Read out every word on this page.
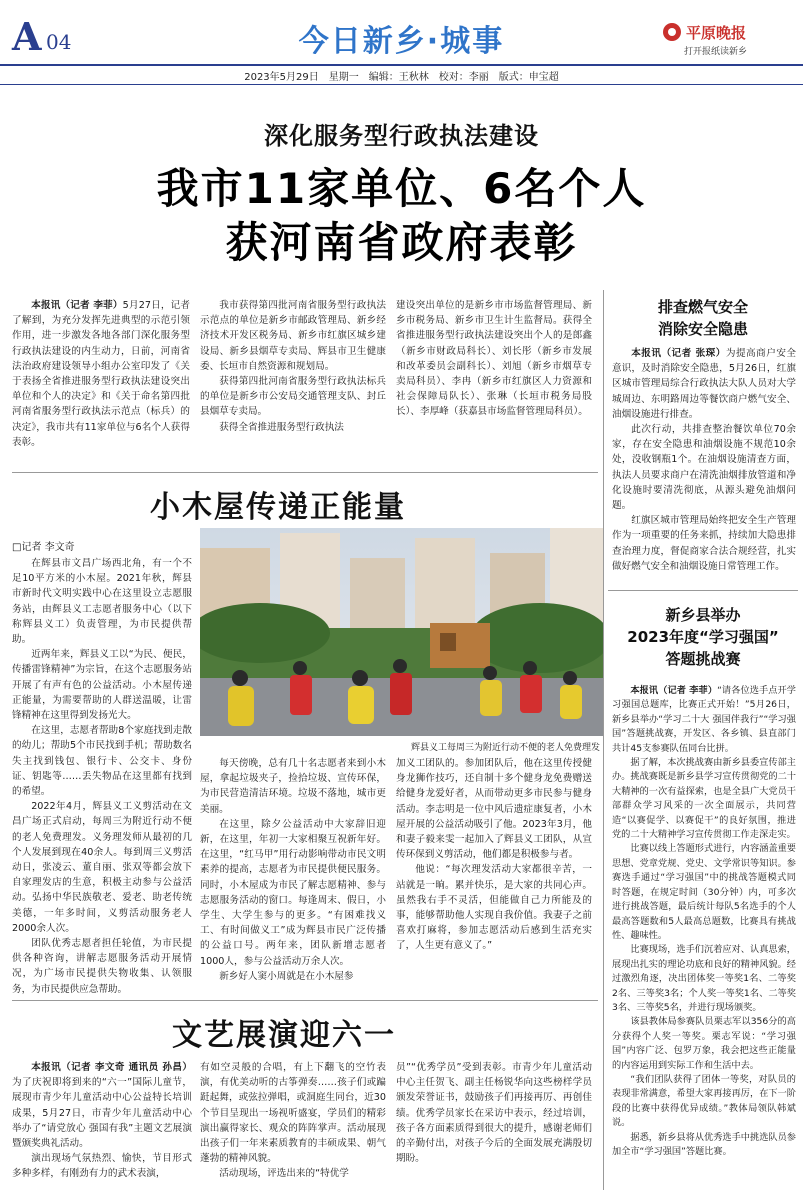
A 04	今日新乡·城事	平原晚报
打开报纸读新乡
2023年5月29日　星期一　编辑：王秋林　校对：李丽　版式：申宝超
深化服务型行政执法建设
我市11家单位、6名个人
获河南省政府表彰

本报讯（记者 李菲）5月27日，记者了解到，为充分发挥先进典型的示范引领作用，进一步激发各地各部门深化服务型行政执法建设的内生动力，日前，河南省法治政府建设领导小组办公室印发了《关于表扬全省推进服务型行政执法建设突出单位和个人的决定》和《关于命名第四批河南省服务型行政执法示范点（标兵）的决定》，我市共有11家单位与6名个人获得表彰。

我市获得第四批河南省服务型行政执法示范点的单位是新乡市邮政管理局、新乡经济技术开发区税务局、新乡市红旗区城乡建设局、新乡县烟草专卖局、辉县市卫生健康委、长垣市自然资源和规划局。

获得第四批河南省服务型行政执法标兵的单位是新乡市公安局交通管理支队、封丘县烟草专卖局。

获得全省推进服务型行政执法

建设突出单位的是新乡市市场监督管理局、新乡市税务局、新乡市卫生计生监督局。获得全省推进服务型行政执法建设突出个人的是郎鑫（新乡市财政局科长）、刘长彤（新乡市发展和改革委员会副科长）、刘旭（新乡市烟草专卖局科员）、李冉（新乡市红旗区人力资源和社会保障局队长）、张琳（长垣市税务局股长）、李厚峰（获嘉县市场监督管理局科员）。

排查燃气安全
消除安全隐患

本报讯（记者 张琛）为提高商户安全意识，及时消除安全隐患，5月26日，红旗区城市管理局综合行政执法大队人员对大学城周边、东明路周边等餐饮商户燃气安全、油烟设施进行排查。

此次行动，共排查整治餐饮单位70余家，存在安全隐患和油烟设施不规范10余处，没收钢瓶1个。在油烟设施清查方面，执法人员要求商户在清洗油烟排放管道和净化设施时要清洗彻底，从源头避免油烟问题。

红旗区城市管理局始终把安全生产管理作为一项重要的任务来抓，持续加大隐患排查治理力度，督促商家合法合规经营，扎实做好燃气安全和油烟设施日常管理工作。

新乡县举办
2023年度“学习强国”
答题挑战赛

本报讯（记者 李菲）“请各位选手点开学习强国总题库，比赛正式开始！”5月26日，新乡县举办“学习二十大 强国伴我行”“学习强国”答题挑战赛，开发区、各乡镇、县直部门共计45支参赛队伍同台比拼。

据了解，本次挑战赛由新乡县委宣传部主办。挑战赛既是新乡县学习宣传贯彻党的二十大精神的一次有益探索，也是全县广大党员干部群众学习风采的一次全面展示，共同营造“以赛促学、以赛促干”的良好氛围，推进党的二十大精神学习宣传贯彻工作走深走实。

比赛以线上答题形式进行，内容涵盖重要思想、党章党规、党史、文学常识等知识。参赛选手通过“学习强国”中的挑战答题模式同时答题，在规定时间（30分钟）内，可多次进行挑战答题，最后统计每队5名选手的个人最高答题数和5人最高总题数，比赛具有挑战性、趣味性。

比赛现场，选手们沉着应对、认真思索，展现出扎实的理论功底和良好的精神风貌。经过激烈角逐，决出团体奖一等奖1名、二等奖2名、三等奖3名；个人奖一等奖1名、二等奖3名、三等奖5名，并进行现场颁奖。

该县教体局参赛队员栗志军以356分的高分获得个人奖一等奖。栗志军说：“学习强国”内容广泛、包罗万象，我会把这些正能量的内容运用到实际工作和生活中去。

“我们团队获得了团体一等奖，对队员的表现非常满意，希望大家再接再厉，在下一阶段的比赛中获得优异成绩。”教体局领队韩斌说。

据悉，新乡县将从优秀选手中挑选队员参加全市“学习强国”答题比赛。

小木屋传递正能量
□记者 李文奇

在辉县市文昌广场西北角，有一个不足10平方米的小木屋。2021年秋，辉县市新时代文明实践中心在这里设立志愿服务站，由辉县义工志愿者服务中心（以下称辉县义工）负责管理，为市民提供帮助。

近两年来，辉县义工以“为民、便民，传播雷锋精神”为宗旨，在这个志愿服务站开展了有声有色的公益活动。小木屋传递正能量，为需要帮助的人群送温暖，让雷锋精神在这里得到发扬光大。

在这里，志愿者帮助8个家庭找到走散的幼儿；帮助5个市民找到手机；帮助数名失主找到钱包、银行卡、公交卡、身份证、钥匙等……丢失物品在这里都有找到的希望。

2022年4月，辉县义工义剪活动在文昌广场正式启动，每周三为附近行动不便的老人免费理发。义务理发师从最初的几个人发展到现在40余人。每到周三义剪活动日，张凌云、董自丽、张双等都会放下自家理发店的生意，积极主动参与公益活动。弘扬中华民族敬老、爱老、助老传统美德，一年多时间，义剪活动服务老人2000余人次。

团队优秀志愿者担任轮值，为市民提供各种咨询，讲解志愿服务活动开展情况，为广场市民提供失物收集、认领服务，为市民提供应急帮助。

辉县义工每周三为附近行动不便的老人免费理发

每天傍晚，总有几十名志愿者来到小木屋，拿起垃圾夹子，捡拾垃圾、宣传环保，为市民营造清洁环境。垃圾不落地，城市更美丽。

在这里，除夕公益活动中大家辞旧迎新，在这里，年初一大家相聚互祝新年好。在这里，“红马甲”用行动影响带动市民文明素养的提高，志愿者为市民提供便民服务。同时，小木屋成为市民了解志愿精神、参与志愿服务活动的窗口。每逢周末、假日，小学生、大学生参与的更多。“有困难找义工、有时间做义工”成为辉县市民广泛传播的公益口号。两年来，团队新增志愿者1000人，参与公益活动万余人次。

新乡好人窦小周就是在小木屋参

加义工团队的。参加团队后，他在这里传授健身龙狮作技巧，还自制十多个健身龙免费赠送给健身龙爱好者，从而带动更多市民参与健身活动。李志明是一位中风后遗症康复者，小木屋开展的公益活动吸引了他。2023年3月，他和妻子毅来雯一起加入了辉县义工团队，从宣传环保到义剪活动，他们都是积极参与者。

他说：“每次理发活动大家都很辛苦，一站就是一晌。累并快乐，是大家的共同心声。虽然我右手不灵活，但能做自己力所能及的事，能够帮助他人实现自我价值。我妻子之前喜欢打麻将，参加志愿活动后感到生活充实了，人生更有意义了。”

文艺展演迎六一

本报讯（记者 李文奇 通讯员 孙昌）为了庆祝即将到来的“六一”国际儿童节，展现市青少年儿童活动中心公益特长培训成果，5月27日，市青少年儿童活动中心举办了“请党放心 强国有我”主题文艺展演暨颁奖典礼活动。

演出现场气氛热烈、愉快，节目形式多种多样，有刚劲有力的武术表演，

有如空灵般的合唱，有上下翻飞的空竹表演，有优美动听的古筝弹奏……孩子们或蹁跹起舞，或弦拉弹唱，或洞庭生同台，近30个节目呈现出一场视听盛宴，学员们的精彩演出赢得家长、观众的阵阵掌声。活动展现出孩子们一年来素质教育的丰硕成果、朝气蓬勃的精神风貌。

活动现场，评选出来的“特优学

员”“优秀学员”受到表彰。市青少年儿童活动中心主任贺飞、副主任杨锐华向这些榜样学员颁发荣誉证书，鼓励孩子们再接再厉、再创佳绩。优秀学员家长在采访中表示，经过培训，孩子各方面素质得到很大的提升，感谢老师们的辛勤付出，对孩子今后的全面发展充满殷切期盼。
